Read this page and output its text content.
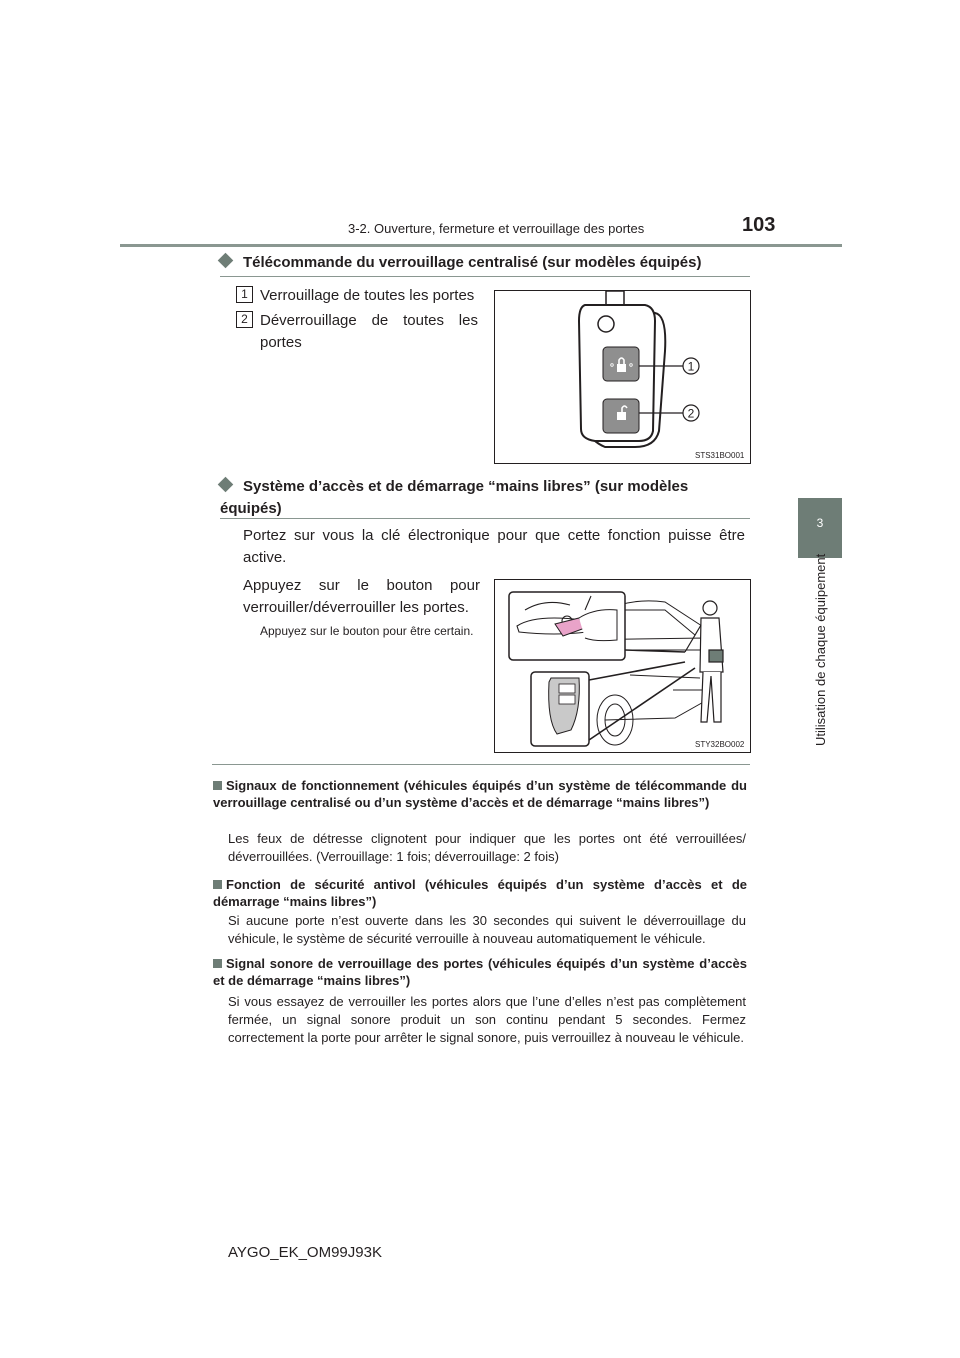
3-2. Ouverture, fermeture et verrouillage des portes	103
3
Utilisation de chaque équipement
Télécommande du verrouillage centralisé (sur modèles équipés)
1 Verrouillage de toutes les portes
2 Déverrouillage de toutes les portes
1
2
STS31BO001
Système d’accès et de démarrage “mains libres” (sur modèles équipés)
Portez sur vous la clé électronique pour que cette fonction puisse être active.
Appuyez sur le bouton pour verrouiller/déverrouiller les portes.
Appuyez sur le bouton pour être certain.
STY32BO002
Signaux de fonctionnement (véhicules équipés d’un système de télécommande du verrouillage centralisé ou d’un système d’accès et de démarrage “mains libres”)
Les feux de détresse clignotent pour indiquer que les portes ont été verrouillées/ déverrouillées. (Verrouillage: 1 fois; déverrouillage: 2 fois)
Fonction de sécurité antivol (véhicules équipés d’un système d’accès et de démarrage “mains libres”)
Si aucune porte n’est ouverte dans les 30 secondes qui suivent le déverrouillage du véhicule, le système de sécurité verrouille à nouveau automatiquement le véhicule.
Signal sonore de verrouillage des portes (véhicules équipés d’un système d’accès et de démarrage “mains libres”)
Si vous essayez de verrouiller les portes alors que l’une d’elles n’est pas complètement fermée, un signal sonore produit un son continu pendant 5 secondes. Fermez correctement la porte pour arrêter le signal sonore, puis verrouillez à nouveau le véhicule.
AYGO_EK_OM99J93K
